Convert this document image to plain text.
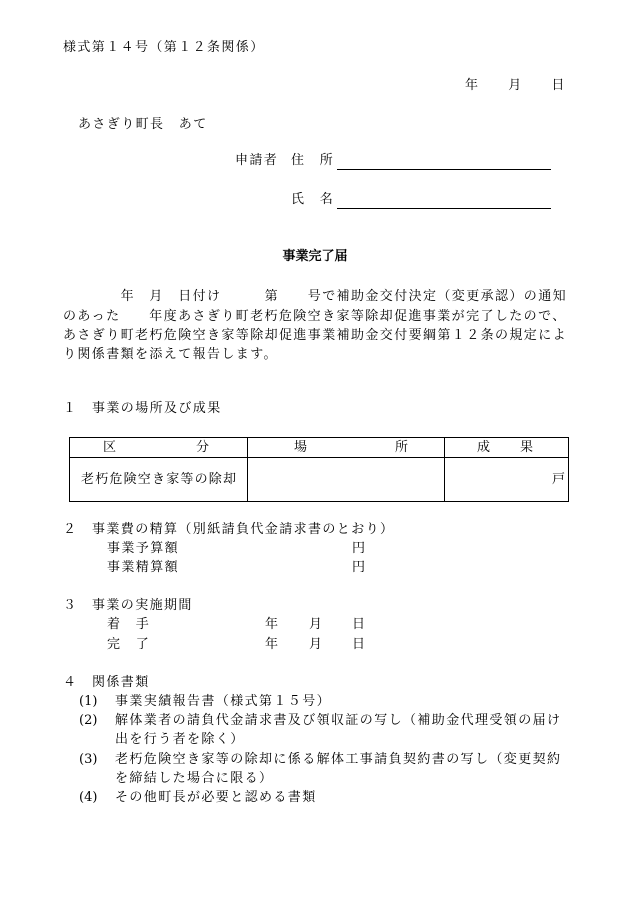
様式第１４号（第１２条関係）
年　　月　　日
あさぎり町長　あて
申請者 住　所
氏　名
事業完了届
　　　　年　月　日付け　　　第　　号で補助金交付決定（変更承認）の通知
のあった　　年度あさぎり町老朽危険空き家等除却促進事業が完了したので、
あさぎり町老朽危険空き家等除却促進事業補助金交付要綱第１２条の規定によ
り関係書類を添えて報告します。
１ 事業の場所及び成果
区 分	場 所	成 果

老朽危険空き家等の除却		戸
２ 事業費の精算（別紙請負代金請求書のとおり）
事業予算額	円
事業精算額	円
３ 事業の実施期間
着　手	年 月 日
完　了	年 月 日
４ 関係書類
(1) 事業実績報告書（様式第１５号）
(2) 解体業者の請負代金請求書及び領収証の写し（補助金代理受領の届け
出を行う者を除く）
(3) 老朽危険空き家等の除却に係る解体工事請負契約書の写し（変更契約
を締結した場合に限る）
(4) その他町長が必要と認める書類
